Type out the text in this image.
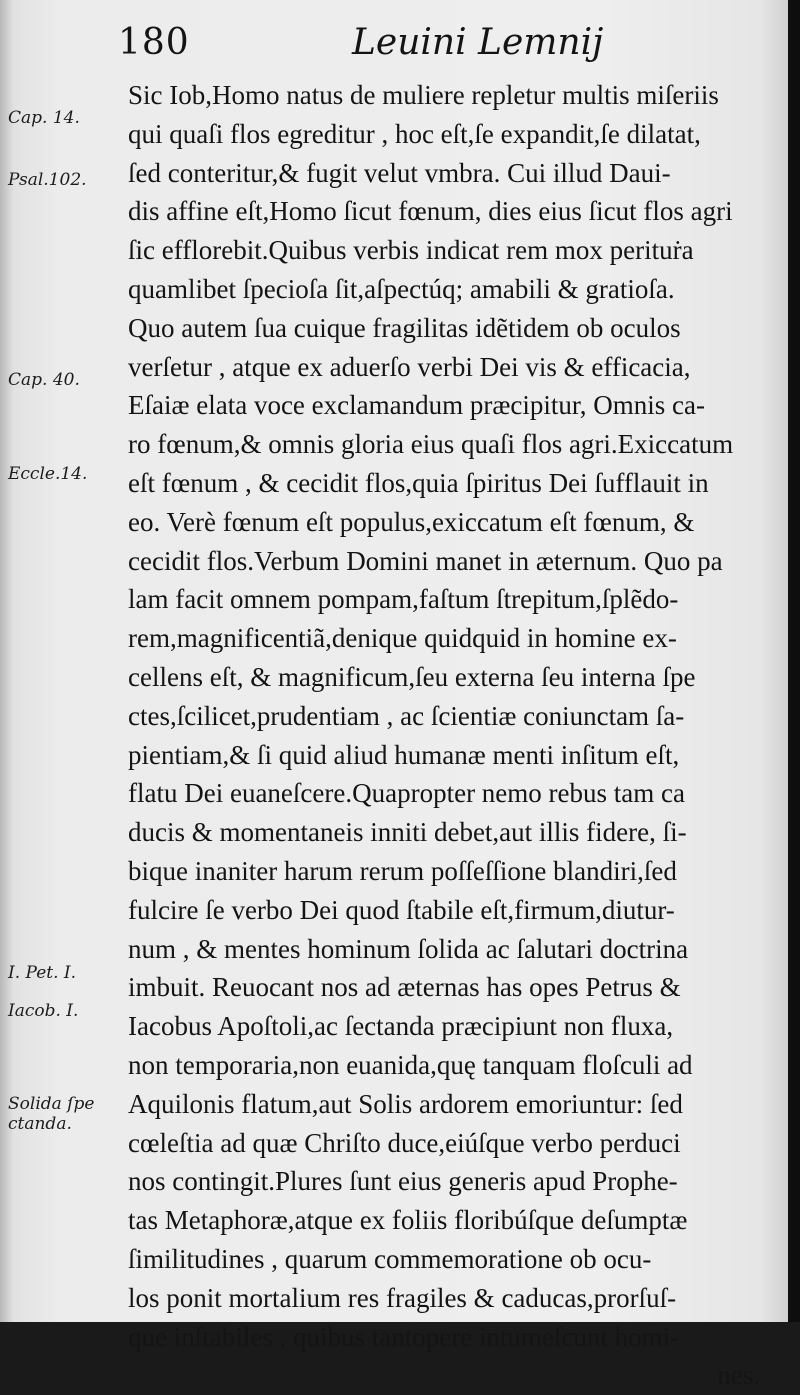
180	Leuini Lemnij
Cap. 14.
Psal.102.
Cap. 40.
Eccle.14.
I. Pet. I.
Iacob. I.
Solida ſpe ctanda.
Sic Iob,Homo natus de muliere repletur multis miſeriis
qui quaſi flos egreditur , hoc eſt,ſe expandit,ſe dilatat,
ſed conteritur,& fugit velut vmbra. Cui illud Daui-
dis affine eſt,Homo ſicut fœnum, dies eius ſicut flos agri
ſic efflorebit.Quibus verbis indicat rem mox perituṙa
quamlibet ſpecioſa ſit,aſpectúq; amabili & gratioſa.
Quo autem ſua cuique fragilitas idẽtidem ob oculos
verſetur , atque ex aduerſo verbi Dei vis & efficacia,
Eſaiæ elata voce exclamandum præcipitur, Omnis ca-
ro fœnum,& omnis gloria eius quaſi flos agri.Exiccatum
eſt fœnum , & cecidit flos,quia ſpiritus Dei ſufflauit in
eo. Verè fœnum eſt populus,exiccatum eſt fœnum, &
cecidit flos.Verbum Domini manet in æternum. Quo pa
lam facit omnem pompam,faſtum ſtrepitum,ſplẽdo-
rem,magnificentiã,denique quidquid in homine ex-
cellens eſt, & magnificum,ſeu externa ſeu interna ſpe
ctes,ſcilicet,prudentiam , ac ſcientiæ coniunctam ſa-
pientiam,& ſi quid aliud humanæ menti inſitum eſt,
flatu Dei euaneſcere.Quapropter nemo rebus tam ca
ducis & momentaneis inniti debet,aut illis fidere, ſi-
bique inaniter harum rerum poſſeſſione blandiri,ſed
fulcire ſe verbo Dei quod ſtabile eſt,firmum,diutur-
num , & mentes hominum ſolida ac ſalutari doctrina
imbuit. Reuocant nos ad æternas has opes Petrus &
Iacobus Apoſtoli,ac ſectanda præcipiunt non fluxa,
non temporaria,non euanida,quę tanquam floſculi ad
Aquilonis flatum,aut Solis ardorem emoriuntur: ſed
cœleſtia ad quæ Chriſto duce,eiúſque verbo perduci
nos contingit.Plures ſunt eius generis apud Prophe-
tas Metaphoræ,atque ex foliis floribúſque deſumptæ
ſimilitudines , quarum commemoratione ob ocu-
los ponit mortalium res fragiles & caducas,prorſuſ-
que inſtabiles , quibus tantopere intumeſcunt homi-
nes.
